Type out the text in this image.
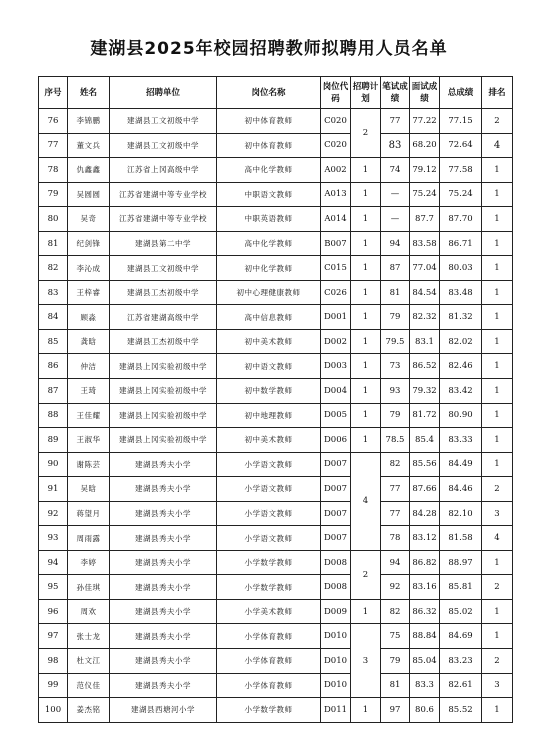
建湖县2025年校园招聘教师拟聘用人员名单
序号	姓名	招聘单位	岗位名称	岗位代码	招聘计划	笔试成绩	面试成绩	总成绩	排名
76	李锦鹏	建湖县工文初级中学	初中体育教师	C020	2	77	77.22	77.15	2
77	董文兵	建湖县工文初级中学	初中体育教师	C020		83	68.20	72.64	4
78	仇鑫鑫	江苏省上冈高级中学	高中化学教师	A002	1	74	79.12	77.58	1
79	吴圆圆	江苏省建湖中等专业学校	中职语文教师	A013	1	—	75.24	75.24	1
80	吴奇	江苏省建湖中等专业学校	中职英语教师	A014	1	—	87.7	87.70	1
81	纪剑锋	建湖县第二中学	高中化学教师	B007	1	94	83.58	86.71	1
82	李沁成	建湖县工文初级中学	初中化学教师	C015	1	87	77.04	80.03	1
83	王梓睿	建湖县工杰初级中学	初中心理健康教师	C026	1	81	84.54	83.48	1
84	顾淼	江苏省建湖高级中学	高中信息教师	D001	1	79	82.32	81.32	1
85	龚晗	建湖县工杰初级中学	初中美术教师	D002	1	79.5	83.1	82.02	1
86	仲洁	建湖县上冈实验初级中学	初中语文教师	D003	1	73	86.52	82.46	1
87	王琦	建湖县上冈实验初级中学	初中数学教师	D004	1	93	79.32	83.42	1
88	王佳耀	建湖县上冈实验初级中学	初中地理教师	D005	1	79	81.72	80.90	1
89	王淑华	建湖县上冈实验初级中学	初中美术教师	D006	1	78.5	85.4	83.33	1
90	谢陈芸	建湖县秀夫小学	小学语文教师	D007	4	82	85.56	84.49	1
91	吴晗	建湖县秀夫小学	小学语文教师	D007		77	87.66	84.46	2
92	蒋望月	建湖县秀夫小学	小学语文教师	D007		77	84.28	82.10	3
93	周雨露	建湖县秀夫小学	小学语文教师	D007		78	83.12	81.58	4
94	李婷	建湖县秀夫小学	小学数学教师	D008	2	94	86.82	88.97	1
95	孙佳琪	建湖县秀夫小学	小学数学教师	D008		92	83.16	85.81	2
96	周欢	建湖县秀夫小学	小学美术教师	D009	1	82	86.32	85.02	1
97	张士龙	建湖县秀夫小学	小学体育教师	D010	3	75	88.84	84.69	1
98	杜文江	建湖县秀夫小学	小学体育教师	D010		79	85.04	83.23	2
99	范仪佳	建湖县秀夫小学	小学体育教师	D010		81	83.3	82.61	3
100	姜杰铭	建湖县西塘河小学	小学数学教师	D011	1	97	80.6	85.52	1
